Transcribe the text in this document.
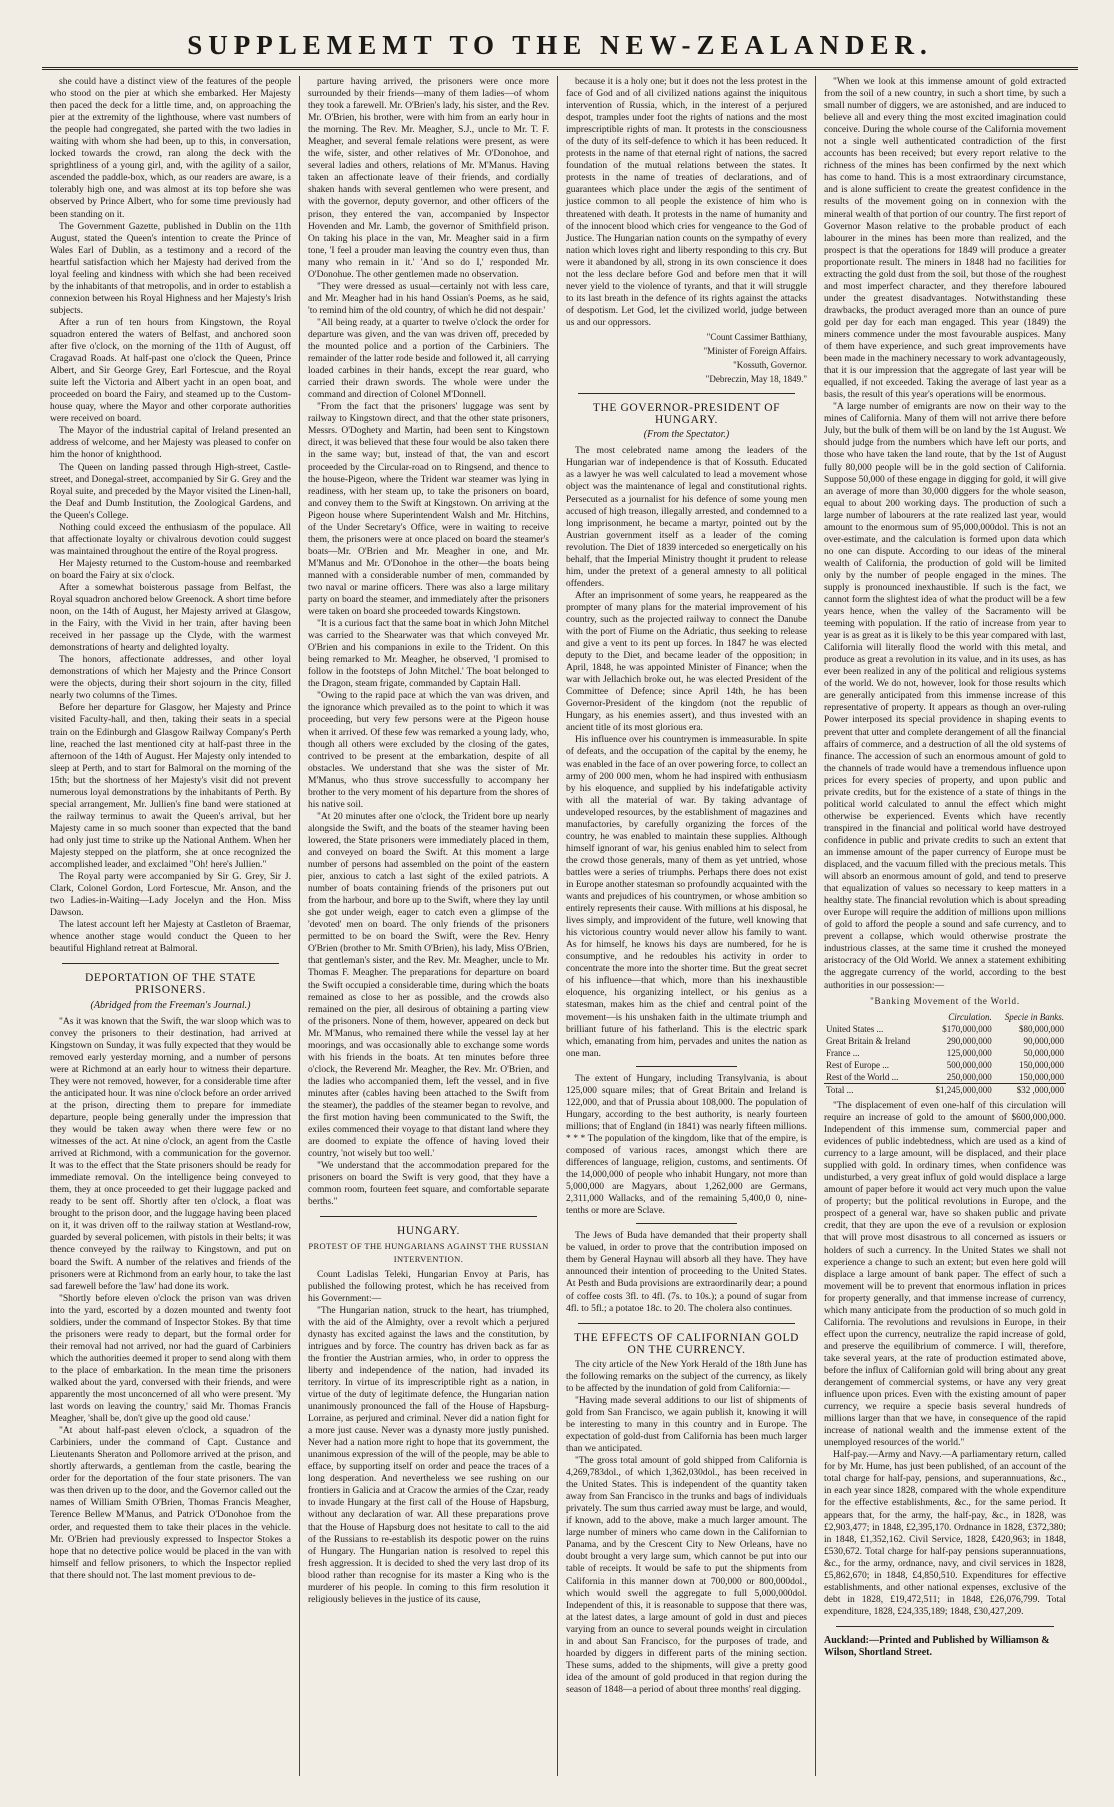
SUPPLEMEMT TO THE NEW-ZEALANDER.

she could have a distinct view of the features of the people who stood on the pier at which she embarked. Her Majesty then paced the deck for a little time, and, on approaching the pier at the extremity of the lighthouse, where vast numbers of the people had congregated, she parted with the two ladies in waiting with whom she had been, up to this, in conversation, locked towards the crowd, ran along the deck with the sprightliness of a young girl, and, with the agility of a sailor, ascended the paddle-box, which, as our readers are aware, is a tolerably high one, and was almost at its top before she was observed by Prince Albert, who for some time previously had been standing on it.

The Government Gazette, published in Dublin on the 11th August, stated the Queen's intention to create the Prince of Wales Earl of Dublin, as a testimony and a record of the heartful satisfaction which her Majesty had derived from the loyal feeling and kindness with which she had been received by the inhabitants of that metropolis, and in order to establish a connexion between his Royal Highness and her Majesty's Irish subjects.

After a run of ten hours from Kingstown, the Royal squadron entered the waters of Belfast, and anchored soon after five o'clock, on the morning of the 11th of August, off Cragavad Roads. At half-past one o'clock the Queen, Prince Albert, and Sir George Grey, Earl Fortescue, and the Royal suite left the Victoria and Albert yacht in an open boat, and proceeded on board the Fairy, and steamed up to the Custom-house quay, where the Mayor and other corporate authorities were received on board.

The Mayor of the industrial capital of Ireland presented an address of welcome, and her Majesty was pleased to confer on him the honor of knighthood.

The Queen on landing passed through High-street, Castle-street, and Donegal-street, accompanied by Sir G. Grey and the Royal suite, and preceded by the Mayor visited the Linen-hall, the Deaf and Dumb Institution, the Zoological Gardens, and the Queen's College.

Nothing could exceed the enthusiasm of the populace. All that affectionate loyalty or chivalrous devotion could suggest was maintained throughout the entire of the Royal progress.

Her Majesty returned to the Custom-house and reembarked on board the Fairy at six o'clock.

After a somewhat boisterous passage from Belfast, the Royal squadron anchored below Greenock. A short time before noon, on the 14th of August, her Majesty arrived at Glasgow, in the Fairy, with the Vivid in her train, after having been received in her passage up the Clyde, with the warmest demonstrations of hearty and delighted loyalty.

The honors, affectionate addresses, and other loyal demonstrations of which her Majesty and the Prince Consort were the objects, during their short sojourn in the city, filled nearly two columns of the Times.

Before her departure for Glasgow, her Majesty and Prince visited Faculty-hall, and then, taking their seats in a special train on the Edinburgh and Glasgow Railway Company's Perth line, reached the last mentioned city at half-past three in the afternoon of the 14th of August. Her Majesty only intended to sleep at Perth, and to start for Balmoral on the morning of the 15th; but the shortness of her Majesty's visit did not prevent numerous loyal demonstrations by the inhabitants of Perth. By special arrangement, Mr. Jullien's fine band were stationed at the railway terminus to await the Queen's arrival, but her Majesty came in so much sooner than expected that the band had only just time to strike up the National Anthem. When her Majesty stepped on the platform, she at once recognized the accomplished leader, and exclaimed "Oh! here's Jullien."

The Royal party were accompanied by Sir G. Grey, Sir J. Clark, Colonel Gordon, Lord Fortescue, Mr. Anson, and the two Ladies-in-Waiting—Lady Jocelyn and the Hon. Miss Dawson.

The latest account left her Majesty at Castleton of Braemar, whence another stage would conduct the Queen to her beautiful Highland retreat at Balmoral.

DEPORTATION OF THE STATE PRISONERS.
(Abridged from the Freeman's Journal.)

"As it was known that the Swift, the war sloop which was to convey the prisoners to their destination, had arrived at Kingstown on Sunday, it was fully expected that they would be removed early yesterday morning, and a number of persons were at Richmond at an early hour to witness their departure. They were not removed, however, for a considerable time after the anticipated hour. It was nine o'clock before an order arrived at the prison, directing them to prepare for immediate departure, people being generally under the impression that they would be taken away when there were few or no witnesses of the act. At nine o'clock, an agent from the Castle arrived at Richmond, with a communication for the governor. It was to the effect that the State prisoners should be ready for immediate removal. On the intelligence being conveyed to them, they at once proceeded to get their luggage packed and ready to be sent off. Shortly after ten o'clock, a float was brought to the prison door, and the luggage having been placed on it, it was driven off to the railway station at Westland-row, guarded by several policemen, with pistols in their belts; it was thence conveyed by the railway to Kingstown, and put on board the Swift. A number of the relatives and friends of the prisoners were at Richmond from an early hour, to take the last sad farewell before the 'law' had done its work.

"Shortly before eleven o'clock the prison van was driven into the yard, escorted by a dozen mounted and twenty foot soldiers, under the command of Inspector Stokes. By that time the prisoners were ready to depart, but the formal order for their removal had not arrived, nor had the guard of Carbiniers which the authorities deemed it proper to send along with them to the place of embarkation. In the mean time the prisoners walked about the yard, conversed with their friends, and were apparently the most unconcerned of all who were present. 'My last words on leaving the country,' said Mr. Thomas Francis Meagher, 'shall be, don't give up the good old cause.'

"At about half-past eleven o'clock, a squadron of the Carbiniers, under the command of Capt. Custance and Lieutenants Sheraton and Pollomore arrived at the prison, and shortly afterwards, a gentleman from the castle, bearing the order for the deportation of the four state prisoners. The van was then driven up to the door, and the Governor called out the names of William Smith O'Brien, Thomas Francis Meagher, Terence Bellew M'Manus, and Patrick O'Donohoe from the order, and requested them to take their places in the vehicle. Mr. O'Brien had previously expressed to Inspector Stokes a hope that no detective police would be placed in the van with himself and fellow prisoners, to which the Inspector replied that there should not. The last moment previous to de-

parture having arrived, the prisoners were once more surrounded by their friends—many of them ladies—of whom they took a farewell. Mr. O'Brien's lady, his sister, and the Rev. Mr. O'Brien, his brother, were with him from an early hour in the morning. The Rev. Mr. Meagher, S.J., uncle to Mr. T. F. Meagher, and several female relations were present, as were the wife, sister, and other relatives of Mr. O'Donohoe, and several ladies and others, relations of Mr. M'Manus. Having taken an affectionate leave of their friends, and cordially shaken hands with several gentlemen who were present, and with the governor, deputy governor, and other officers of the prison, they entered the van, accompanied by Inspector Hovenden and Mr. Lamb, the governor of Smithfield prison. On taking his place in the van, Mr. Meagher said in a firm tone, 'I feel a prouder man leaving the country even thus, than many who remain in it.' 'And so do I,' responded Mr. O'Donohue. The other gentlemen made no observation.

"They were dressed as usual—certainly not with less care, and Mr. Meagher had in his hand Ossian's Poems, as he said, 'to remind him of the old country, of which he did not despair.'

"All being ready, at a quarter to twelve o'clock the order for departure was given, and the van was driven off, preceded by the mounted police and a portion of the Carbiniers. The remainder of the latter rode beside and followed it, all carrying loaded carbines in their hands, except the rear guard, who carried their drawn swords. The whole were under the command and direction of Colonel M'Donnell.

"From the fact that the prisoners' luggage was sent by railway to Kingstown direct, and that the other state prisoners, Messrs. O'Doghety and Martin, had been sent to Kingstown direct, it was believed that these four would be also taken there in the same way; but, instead of that, the van and escort proceeded by the Circular-road on to Ringsend, and thence to the house-Pigeon, where the Trident war steamer was lying in readiness, with her steam up, to take the prisoners on board, and convey them to the Swift at Kingstown. On arriving at the Pigeon house where Superintendent Walsh and Mr. Hitchins, of the Under Secretary's Office, were in waiting to receive them, the prisoners were at once placed on board the steamer's boats—Mr. O'Brien and Mr. Meagher in one, and Mr. M'Manus and Mr. O'Donohoe in the other—the boats being manned with a considerable number of men, commanded by two naval or marine officers. There was also a large military party on board the steamer, and immediately after the prisoners were taken on board she proceeded towards Kingstown.

"It is a curious fact that the same boat in which John Mitchel was carried to the Shearwater was that which conveyed Mr. O'Brien and his companions in exile to the Trident. On this being remarked to Mr. Meagher, he observed, 'I promised to follow in the footsteps of John Mitchel.' The boat belonged to the Dragon, steam frigate, commanded by Captain Hall.

"Owing to the rapid pace at which the van was driven, and the ignorance which prevailed as to the point to which it was proceeding, but very few persons were at the Pigeon house when it arrived. Of these few was remarked a young lady, who, though all others were excluded by the closing of the gates, contrived to be present at the embarkation, despite of all obstacles. We understand that she was the sister of Mr. M'Manus, who thus strove successfully to accompany her brother to the very moment of his departure from the shores of his native soil.

"At 20 minutes after one o'clock, the Trident bore up nearly alongside the Swift, and the boats of the steamer having been lowered, the State prisoners were immediately placed in them, and conveyed on board the Swift. At this moment a large number of persons had assembled on the point of the eastern pier, anxious to catch a last sight of the exiled patriots. A number of boats containing friends of the prisoners put out from the harbour, and bore up to the Swift, where they lay until she got under weigh, eager to catch even a glimpse of the 'devoted' men on board. The only friends of the prisoners permitted to be on board the Swift, were the Rev. Henry O'Brien (brother to Mr. Smith O'Brien), his lady, Miss O'Brien, that gentleman's sister, and the Rev. Mr. Meagher, uncle to Mr. Thomas F. Meagher. The preparations for departure on board the Swift occupied a considerable time, during which the boats remained as close to her as possible, and the crowds also remained on the pier, all desirous of obtaining a parting view of the prisoners. None of them, however, appeared on deck but Mr. M'Manus, who remained there while the vessel lay at her moorings, and was occasionally able to exchange some words with his friends in the boats. At ten minutes before three o'clock, the Reverend Mr. Meagher, the Rev. Mr. O'Brien, and the ladies who accompanied them, left the vessel, and in five minutes after (cables having been attached to the Swift from the steamer), the paddles of the steamer began to revolve, and the first motion having been communicated to the Swift, the exiles commenced their voyage to that distant land where they are doomed to expiate the offence of having loved their country, 'not wisely but too well.'

"We understand that the accommodation prepared for the prisoners on board the Swift is very good, that they have a common room, fourteen feet square, and comfortable separate berths."

HUNGARY.
PROTEST OF THE HUNGARIANS AGAINST THE RUSSIAN INTERVENTION.

Count Ladislas Teleki, Hungarian Envoy at Paris, has published the following protest, which he has received from his Government:—

"The Hungarian nation, struck to the heart, has triumphed, with the aid of the Almighty, over a revolt which a perjured dynasty has excited against the laws and the constitution, by intrigues and by force. The country has driven back as far as the frontier the Austrian armies, who, in order to oppress the liberty and independence of the nation, had invaded its territory. In virtue of its imprescriptible right as a nation, in virtue of the duty of legitimate defence, the Hungarian nation unanimously pronounced the fall of the House of Hapsburg-Lorraine, as perjured and criminal. Never did a nation fight for a more just cause. Never was a dynasty more justly punished. Never had a nation more right to hope that its government, the unanimous expression of the will of the people, may be able to efface, by supporting itself on order and peace the traces of a long desperation. And nevertheless we see rushing on our frontiers in Galicia and at Cracow the armies of the Czar, ready to invade Hungary at the first call of the House of Hapsburg, without any declaration of war. All these preparations prove that the House of Hapsburg does not hesitate to call to the aid of the Russians to re-establish its despotic power on the ruins of Hungary. The Hungarian nation is resolved to repel this fresh aggression. It is decided to shed the very last drop of its blood rather than recognise for its master a King who is the murderer of his people. In coming to this firm resolution it religiously believes in the justice of its cause,

because it is a holy one; but it does not the less protest in the face of God and of all civilized nations against the iniquitous intervention of Russia, which, in the interest of a perjured despot, tramples under foot the rights of nations and the most imprescriptible rights of man. It protests in the consciousness of the duty of its self-defence to which it has been reduced. It protests in the name of that eternal right of nations, the sacred foundation of the mutual relations between the states. It protests in the name of treaties of declarations, and of guarantees which place under the ægis of the sentiment of justice common to all people the existence of him who is threatened with death. It protests in the name of humanity and of the innocent blood which cries for vengeance to the God of Justice. The Hungarian nation counts on the sympathy of every nation which loves right and liberty responding to this cry. But were it abandoned by all, strong in its own conscience it does not the less declare before God and before men that it will never yield to the violence of tyrants, and that it will struggle to its last breath in the defence of its rights against the attacks of despotism. Let God, let the civilized world, judge between us and our oppressors.

"Count Cassimer Batthiany,
"Minister of Foreign Affairs.
"Kossuth, Governor.
"Debreczin, May 18, 1849."
THE GOVERNOR-PRESIDENT OF HUNGARY.
(From the Spectator.)

The most celebrated name among the leaders of the Hungarian war of independence is that of Kossuth. Educated as a lawyer he was well calculated to lead a movement whose object was the maintenance of legal and constitutional rights. Persecuted as a journalist for his defence of some young men accused of high treason, illegally arrested, and condemned to a long imprisonment, he became a martyr, pointed out by the Austrian government itself as a leader of the coming revolution. The Diet of 1839 interceded so energetically on his behalf, that the Imperial Ministry thought it prudent to release him, under the pretext of a general amnesty to all political offenders.

After an imprisonment of some years, he reappeared as the prompter of many plans for the material improvement of his country, such as the projected railway to connect the Danube with the port of Fiume on the Adriatic, thus seeking to release and give a vent to its pent up forces. In 1847 he was elected deputy to the Diet, and became leader of the opposition; in April, 1848, he was appointed Minister of Finance; when the war with Jellachich broke out, he was elected President of the Committee of Defence; since April 14th, he has been Governor-President of the kingdom (not the republic of Hungary, as his enemies assert), and thus invested with an ancient title of its most glorious era.

His influence over his countrymen is immeasurable. In spite of defeats, and the occupation of the capital by the enemy, he was enabled in the face of an over powering force, to collect an army of 200 000 men, whom he had inspired with enthusiasm by his eloquence, and supplied by his indefatigable activity with all the material of war. By taking advantage of undeveloped resources, by the establishment of magazines and manufactories, by carefully organizing the forces of the country, he was enabled to maintain these supplies. Although himself ignorant of war, his genius enabled him to select from the crowd those generals, many of them as yet untried, whose battles were a series of triumphs. Perhaps there does not exist in Europe another statesman so profoundly acquainted with the wants and prejudices of his countrymen, or whose ambition so entirely represents their cause. With millions at his disposal, he lives simply, and improvident of the future, well knowing that his victorious country would never allow his family to want. As for himself, he knows his days are numbered, for he is consumptive, and he redoubles his activity in order to concentrate the more into the shorter time. But the great secret of his influence—that which, more than his inexhaustible eloquence, his organizing intellect, or his genius as a statesman, makes him as the chief and central point of the movement—is his unshaken faith in the ultimate triumph and brilliant future of his fatherland. This is the electric spark which, emanating from him, pervades and unites the nation as one man.

The extent of Hungary, including Transylvania, is about 125,000 square miles; that of Great Britain and Ireland is 122,000, and that of Prussia about 108,000. The population of Hungary, according to the best authority, is nearly fourteen millions; that of England (in 1841) was nearly fifteen millions. * * * The population of the kingdom, like that of the empire, is composed of various races, amongst which there are differences of language, religion, customs, and sentiments. Of the 14,000,000 of people who inhabit Hungary, not more than 5,000,000 are Magyars, about 1,262,000 are Germans, 2,311,000 Wallacks, and of the remaining 5,400,0 0, nine-tenths or more are Sclave.

The Jews of Buda have demanded that their property shall be valued, in order to prove that the contribution imposed on them by General Haynau will absorb all they have. They have announced their intention of proceeding to the United States. At Pesth and Buda provisions are extraordinarily dear; a pound of coffee costs 3fl. to 4fl. (7s. to 10s.); a pound of sugar from 4fl. to 5fl.; a potatoe 18c. to 20. The cholera also continues.

THE EFFECTS OF CALIFORNIAN GOLD ON THE CURRENCY.

The city article of the New York Herald of the 18th June has the following remarks on the subject of the currency, as likely to be affected by the inundation of gold from California:—

"Having made several additions to our list of shipments of gold from San Francisco, we again publish it, knowing it will be interesting to many in this country and in Europe. The expectation of gold-dust from California has been much larger than we anticipated.

"The gross total amount of gold shipped from California is 4,269,783dol., of which 1,362,030dol., has been received in the United States. This is independent of the quantity taken away from San Francisco in the trunks and bags of individuals privately. The sum thus carried away must be large, and would, if known, add to the above, make a much larger amount. The large number of miners who came down in the Californian to Panama, and by the Crescent City to New Orleans, have no doubt brought a very large sum, which cannot be put into our table of receipts. It would be safe to put the shipments from California in this manner down at 700,000 or 800,000dol., which would swell the aggregate to full 5,000,000dol. Independent of this, it is reasonable to suppose that there was, at the latest dates, a large amount of gold in dust and pieces varying from an ounce to several pounds weight in circulation in and about San Francisco, for the purposes of trade, and hoarded by diggers in different parts of the mining section. These sums, added to the shipments, will give a pretty good idea of the amount of gold produced in that region during the season of 1848—a period of about three months' real digging.

"When we look at this immense amount of gold extracted from the soil of a new country, in such a short time, by such a small number of diggers, we are astonished, and are induced to believe all and every thing the most excited imagination could conceive. During the whole course of the California movement not a single well authenticated contradiction of the first accounts has been received; but every report relative to the richness of the mines has been confirmed by the next which has come to hand. This is a most extraordinary circumstance, and is alone sufficient to create the greatest confidence in the results of the movement going on in connexion with the mineral wealth of that portion of our country. The first report of Governor Mason relative to the probable product of each labourer in the mines has been more than realized, and the prospect is that the operations for 1849 will produce a greater proportionate result. The miners in 1848 had no facilities for extracting the gold dust from the soil, but those of the roughest and most imperfect character, and they therefore laboured under the greatest disadvantages. Notwithstanding these drawbacks, the product averaged more than an ounce of pure gold per day for each man engaged. This year (1849) the miners commence under the most favourable auspices. Many of them have experience, and such great improvements have been made in the machinery necessary to work advantageously, that it is our impression that the aggregate of last year will be equalled, if not exceeded. Taking the average of last year as a basis, the result of this year's operations will be enormous.

"A large number of emigrants are now on their way to the mines of California. Many of them will not arrive there before July, but the bulk of them will be on land by the 1st August. We should judge from the numbers which have left our ports, and those who have taken the land route, that by the 1st of August fully 80,000 people will be in the gold section of California. Suppose 50,000 of these engage in digging for gold, it will give an average of more than 30,000 diggers for the whole season, equal to about 200 working days. The production of such a large number of labourers at the rate realized last year, would amount to the enormous sum of 95,000,000dol. This is not an over-estimate, and the calculation is formed upon data which no one can dispute. According to our ideas of the mineral wealth of California, the production of gold will be limited only by the number of people engaged in the mines. The supply is pronounced inexhaustible. If such is the fact, we cannot form the slightest idea of what the product will be a few years hence, when the valley of the Sacramento will be teeming with population. If the ratio of increase from year to year is as great as it is likely to be this year compared with last, California will literally flood the world with this metal, and produce as great a revolution in its value, and in its uses, as has ever been realized in any of the political and religious systems of the world. We do not, however, look for those results which are generally anticipated from this immense increase of this representative of property. It appears as though an over-ruling Power interposed its special providence in shaping events to prevent that utter and complete derangement of all the financial affairs of commerce, and a destruction of all the old systems of finance. The accession of such an enormous amount of gold to the channels of trade would have a tremendous influence upon prices for every species of property, and upon public and private credits, but for the existence of a state of things in the political world calculated to annul the effect which might otherwise be experienced. Events which have recently transpired in the financial and political world have destroyed confidence in public and private credits to such an extent that an immense amount of the paper currency of Europe must be displaced, and the vacuum filled with the precious metals. This will absorb an enormous amount of gold, and tend to preserve that equalization of values so necessary to keep matters in a healthy state. The financial revolution which is about spreading over Europe will require the addition of millions upon millions of gold to afford the people a sound and safe currency, and to prevent a collapse, which would otherwise prostrate the industrious classes, at the same time it crushed the moneyed aristocracy of the Old World. We annex a statement exhibiting the aggregate currency of the world, according to the best authorities in our possession:—

"Banking Movement of the World.
	Circulation.	Specie in Banks.
United States ...	$170,000,000	$80,000,000
Great Britain & Ireland	290,000,000	90,000,000
France ...	125,000,000	50,000,000
Rest of Europe ...	500,000,000	150,000,000
Rest of the World ...	250,000,000	150,000,000
Total ...	$1,245,000,000	$32 ,000,000

"The displacement of even one-half of this circulation will require an increase of gold to the amount of $600,000,000. Independent of this immense sum, commercial paper and evidences of public indebtedness, which are used as a kind of currency to a large amount, will be displaced, and their place supplied with gold. In ordinary times, when confidence was undisturbed, a very great influx of gold would displace a large amount of paper before it would act very much upon the value of property; but the political revolutions in Europe, and the prospect of a general war, have so shaken public and private credit, that they are upon the eve of a revulsion or explosion that will prove most disastrous to all concerned as issuers or holders of such a currency. In the United States we shall not experience a change to such an extent; but even here gold will displace a large amount of bank paper. The effect of such a movement will be to prevent that enormous inflation in prices for property generally, and that immense increase of currency, which many anticipate from the production of so much gold in California. The revolutions and revulsions in Europe, in their effect upon the currency, neutralize the rapid increase of gold, and preserve the equilibrium of commerce. I will, therefore, take several years, at the rate of production estimated above, before the influx of Californian gold will bring about any great derangement of commercial systems, or have any very great influence upon prices. Even with the existing amount of paper currency, we require a specie basis several hundreds of millions larger than that we have, in consequence of the rapid increase of national wealth and the immense extent of the unemployed resources of the world."

Half-pay.—Army and Navy.—A parliamentary return, called for by Mr. Hume, has just been published, of an account of the total charge for half-pay, pensions, and superannuations, &c., in each year since 1828, compared with the whole expenditure for the effective establishments, &c., for the same period. It appears that, for the army, the half-pay, &c., in 1828, was £2,903,477; in 1848, £2,395,170. Ordnance in 1828, £372,380; in 1848, £1,352,162. Civil Service, 1828, £420,963; in 1848, £530,672. Total charge for half-pay pensions superannuations, &c., for the army, ordnance, navy, and civil services in 1828, £5,862,670; in 1848, £4,850,510. Expenditures for effective establishments, and other national expenses, exclusive of the debt in 1828, £19,472,511; in 1848, £26,076,799. Total expenditure, 1828, £24,335,189; 1848, £30,427,209.

Auckland:—Printed and Published by Williamson & Wilson, Shortland Street.
